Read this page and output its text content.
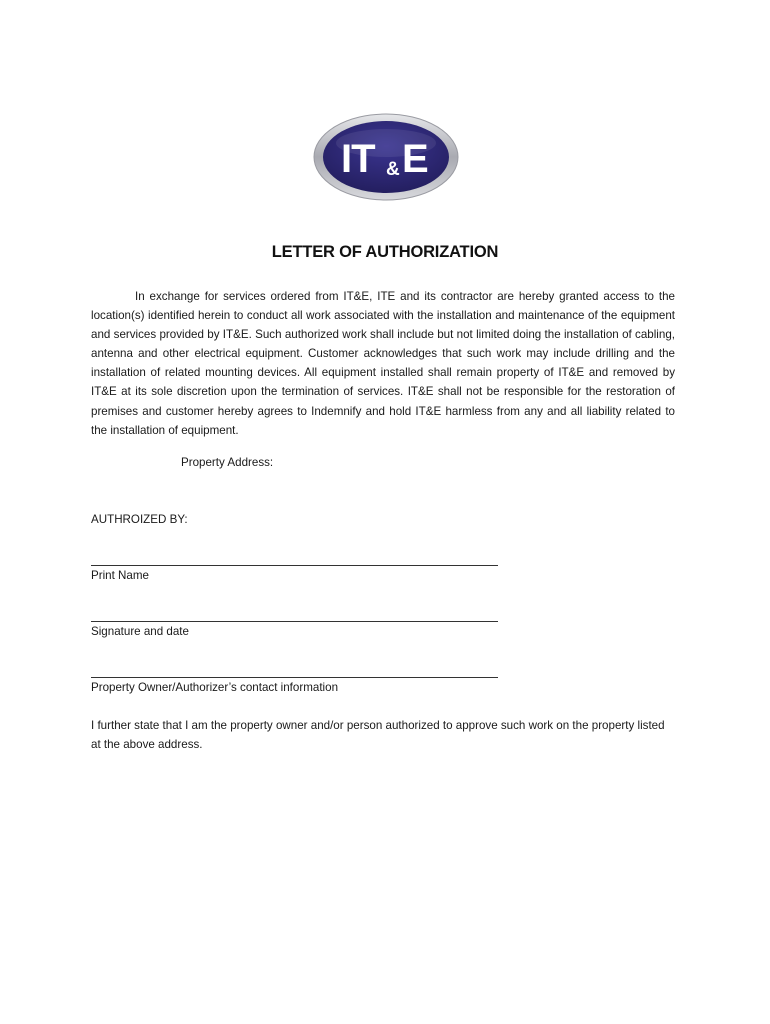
IT & E
LETTER OF AUTHORIZATION

In exchange for services ordered from IT&E, ITE and its contractor are hereby granted access to the location(s) identified herein to conduct all work associated with the installation and maintenance of the equipment and services provided by IT&E. Such authorized work shall include but not limited doing the installation of cabling, antenna and other electrical equipment. Customer acknowledges that such work may include drilling and the installation of related mounting devices. All equipment installed shall remain property of IT&E and removed by IT&E at its sole discretion upon the termination of services. IT&E shall not be responsible for the restoration of premises and customer hereby agrees to Indemnify and hold IT&E harmless from any and all liability related to the installation of equipment.

Property Address:
AUTHROIZED BY:
Print Name
Signature and date
Property Owner/Authorizer’s contact information

I further state that I am the property owner and/or person authorized to approve such work on the property listed at the above address.
